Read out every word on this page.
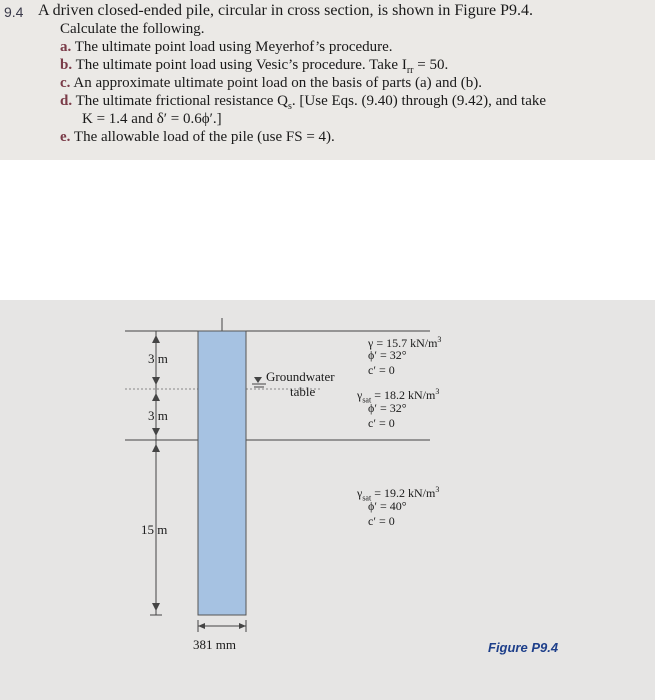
9.4 A driven closed-ended pile, circular in cross section, is shown in Figure P9.4.
Calculate the following.
a. The ultimate point load using Meyerhof’s procedure.
b. The ultimate point load using Vesic’s procedure. Take $I_{rr} = 50$.
c. An approximate ultimate point load on the basis of parts (a) and (b).
d. The ultimate frictional resistance $Q_s$. [Use Eqs. (9.40) through (9.42), and take
K = 1.4 and δ′ = 0.6ϕ′.]
e. The allowable load of the pile (use FS = 4).
3 m
3 m
15 m
381 mm
Groundwater
table
γ = 15.7 $kN/m^3$
ϕ′ = 32°
c′ = 0
$\gamma_{sat} = 18.2$ $kN/m^3$
ϕ′ = 32°
c′ = 0
$\gamma_{sat} = 19.2$ $kN/m^3$
ϕ′ = 40°
c′ = 0
Figure P9.4
